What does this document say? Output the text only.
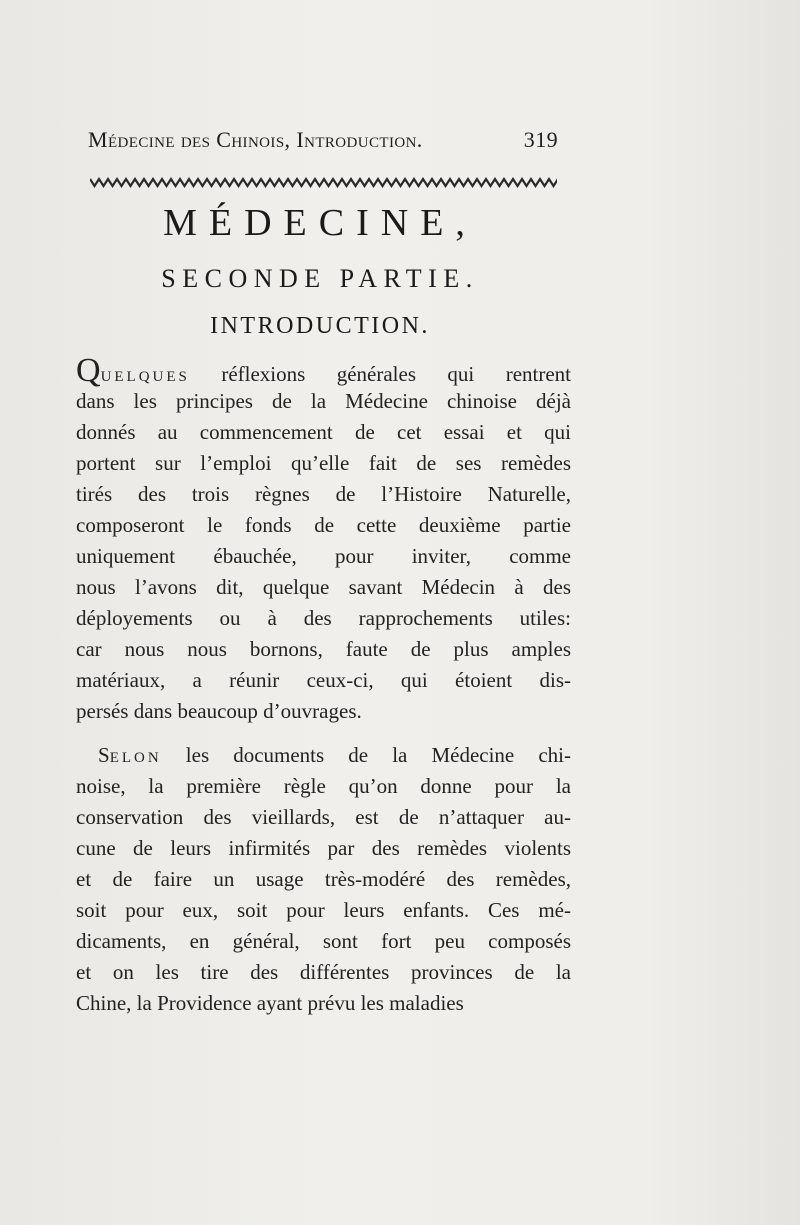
Médecine des Chinois, Introduction.	319
MÉDECINE,
SECONDE PARTIE.
INTRODUCTION.
QUELQUES réflexions générales qui rentrent
dans les principes de la Médecine chinoise déjà
donnés au commencement de cet essai et qui
portent sur l’emploi qu’elle fait de ses remèdes
tirés des trois règnes de l’Histoire Naturelle,
composeront le fonds de cette deuxième partie
uniquement ébauchée, pour inviter, comme
nous l’avons dit, quelque savant Médecin à des
déployements ou à des rapprochements utiles:
car nous nous bornons, faute de plus amples
matériaux, a réunir ceux-ci, qui étoient dis-
persés dans beaucoup d’ouvrages.
SELON les documents de la Médecine chi-
noise, la première règle qu’on donne pour la
conservation des vieillards, est de n’attaquer au-
cune de leurs infirmités par des remèdes violents
et de faire un usage très-modéré des remèdes,
soit pour eux, soit pour leurs enfants. Ces mé-
dicaments, en général, sont fort peu composés
et on les tire des différentes provinces de la
Chine, la Providence ayant prévu les maladies
